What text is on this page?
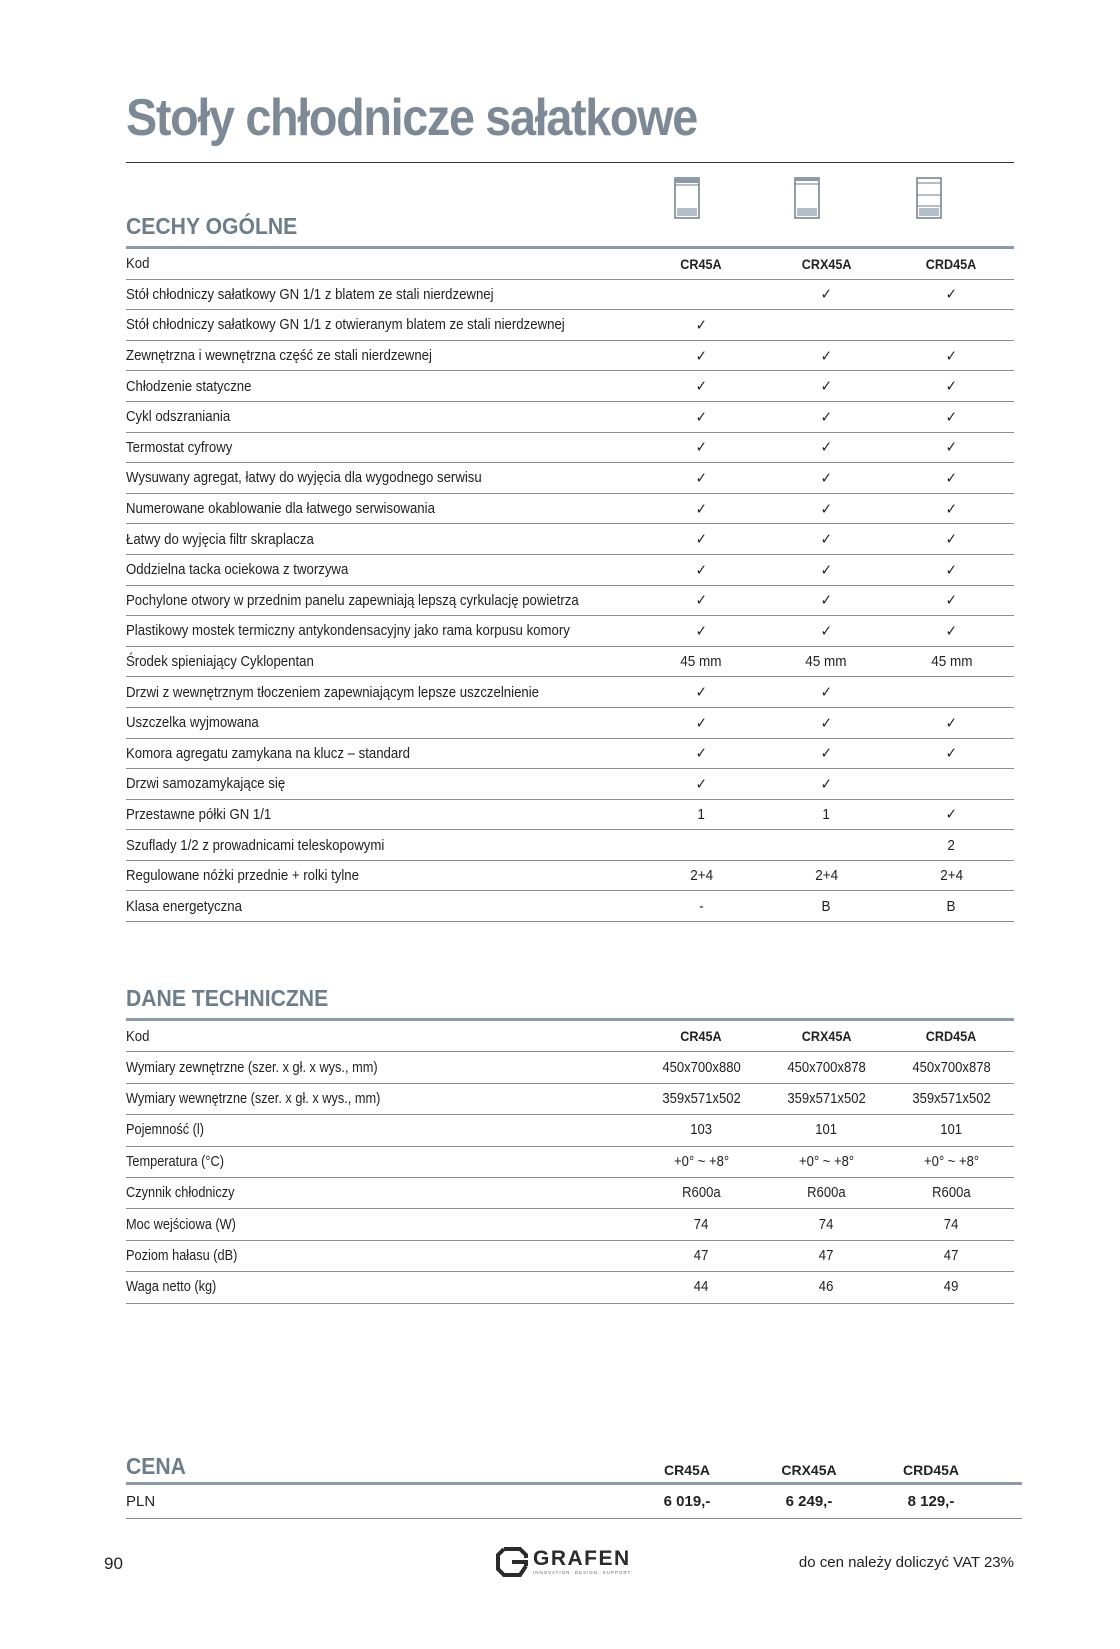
Stoły chłodnicze sałatkowe
CECHY OGÓLNE
Kod	CR45A	CRX45A	CRD45A
Stół chłodniczy sałatkowy GN 1/1 z blatem ze stali nierdzewnej		✓	✓
Stół chłodniczy sałatkowy GN 1/1 z otwieranym blatem ze stali nierdzewnej	✓		
Zewnętrzna i wewnętrzna część ze stali nierdzewnej	✓	✓	✓
Chłodzenie statyczne	✓	✓	✓
Cykl odszraniania	✓	✓	✓
Termostat cyfrowy	✓	✓	✓
Wysuwany agregat, łatwy do wyjęcia dla wygodnego serwisu	✓	✓	✓
Numerowane okablowanie dla łatwego serwisowania	✓	✓	✓
Łatwy do wyjęcia filtr skraplacza	✓	✓	✓
Oddzielna tacka ociekowa z tworzywa	✓	✓	✓
Pochylone otwory w przednim panelu zapewniają lepszą cyrkulację powietrza	✓	✓	✓
Plastikowy mostek termiczny antykondensacyjny jako rama korpusu komory	✓	✓	✓
Środek spieniający Cyklopentan	45 mm	45 mm	45 mm
Drzwi z wewnętrznym tłoczeniem zapewniającym lepsze uszczelnienie	✓	✓	
Uszczelka wyjmowana	✓	✓	✓
Komora agregatu zamykana na klucz – standard	✓	✓	✓
Drzwi samozamykające się	✓	✓	
Przestawne półki GN 1/1	1	1	✓
Szuflady 1/2 z prowadnicami teleskopowymi			2
Regulowane nóżki przednie + rolki tylne	2+4	2+4	2+4
Klasa energetyczna	-	B	B
DANE TECHNICZNE
Kod	CR45A	CRX45A	CRD45A
Wymiary zewnętrzne (szer. x gł. x wys., mm)	450x700x880	450x700x878	450x700x878
Wymiary wewnętrzne (szer. x gł. x wys., mm)	359x571x502	359x571x502	359x571x502
Pojemność (l)	103	101	101
Temperatura (°C)	+0° ~ +8°	+0° ~ +8°	+0° ~ +8°
Czynnik chłodniczy	R600a	R600a	R600a
Moc wejściowa (W)	74	74	74
Poziom hałasu (dB)	47	47	47
Waga netto (kg)	44	46	49
CENA	CR45A	CRX45A	CRD45A
PLN	6 019,-	6 249,-	8 129,-
90	GRAFEN
INNOVATION. DESIGN. SUPPORT.
do cen należy doliczyć VAT 23%
